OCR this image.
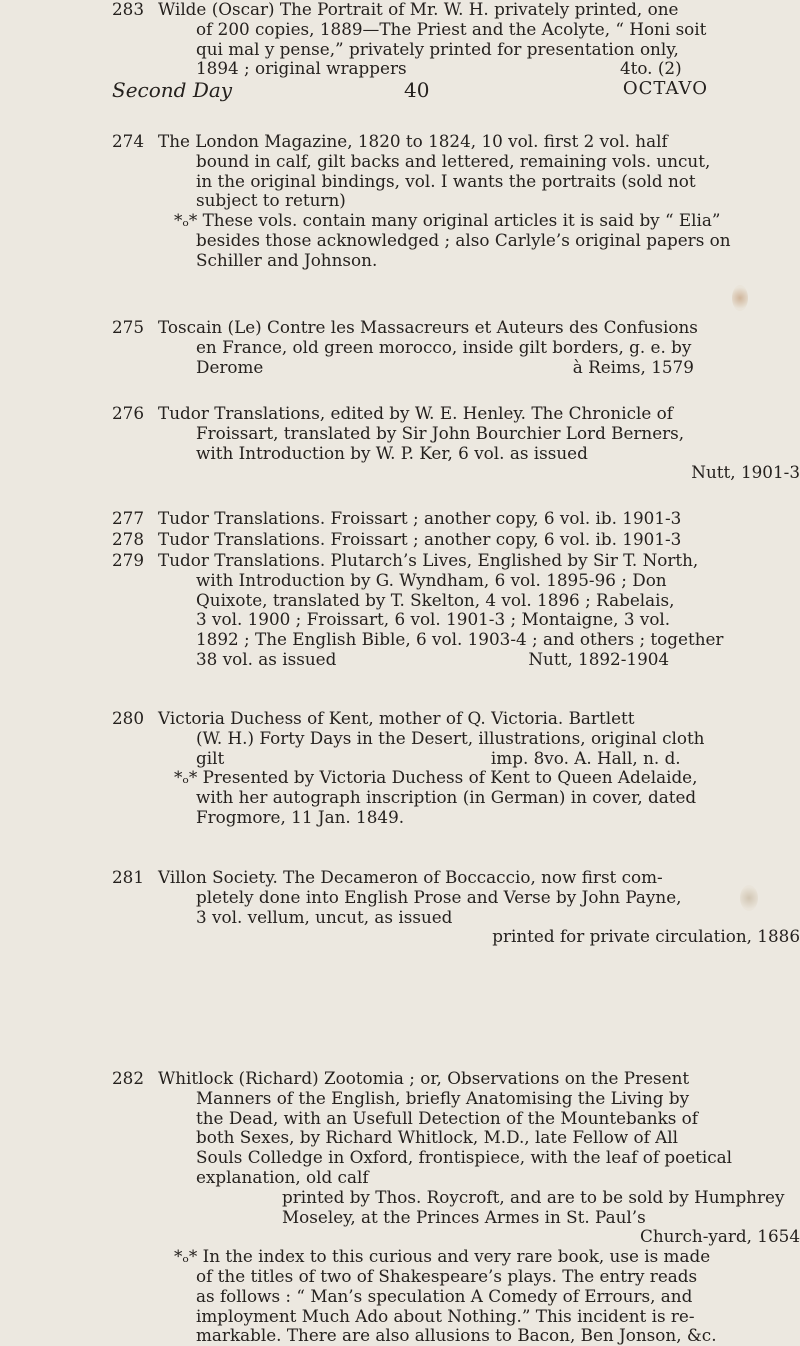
Second Day	40	OCTAVO
274 The London Magazine, 1820 to 1824, 10 vol. first 2 vol. half
bound in calf, gilt backs and lettered, remaining vols. uncut,
in the original bindings, vol. I wants the portraits (sold not
subject to return)
*ₒ* These vols. contain many original articles it is said by “ Elia”
besides those acknowledged ; also Carlyle’s original papers on
Schiller and Johnson.
275 Toscain (Le) Contre les Massacreurs et Auteurs des Confusions
en France, old green morocco, inside gilt borders, g. e. by
Derome                                                          à Reims, 1579
276 Tudor Translations, edited by W. E. Henley. The Chronicle of
Froissart, translated by Sir John Bourchier Lord Berners,
with Introduction by W. P. Ker, 6 vol. as issued
Nutt, 1901-3
277 Tudor Translations. Froissart ; another copy, 6 vol. ib. 1901-3
278 Tudor Translations. Froissart ; another copy, 6 vol. ib. 1901-3
279 Tudor Translations. Plutarch’s Lives, Englished by Sir T. North,
with Introduction by G. Wyndham, 6 vol. 1895-96 ; Don
Quixote, translated by T. Skelton, 4 vol. 1896 ; Rabelais,
3 vol. 1900 ; Froissart, 6 vol. 1901-3 ; Montaigne, 3 vol.
1892 ; The English Bible, 6 vol. 1903-4 ; and others ; together
38 vol. as issued                                    Nutt, 1892-1904
280 Victoria Duchess of Kent, mother of Q. Victoria. Bartlett
(W. H.) Forty Days in the Desert, illustrations, original cloth
gilt                                                  imp. 8vo. A. Hall, n. d.
*ₒ* Presented by Victoria Duchess of Kent to Queen Adelaide,
with her autograph inscription (in German) in cover, dated
Frogmore, 11 Jan. 1849.
281 Villon Society. The Decameron of Boccaccio, now first com-
pletely done into English Prose and Verse by John Payne,
3 vol. vellum, uncut, as issued
printed for private circulation, 1886
282 Whitlock (Richard) Zootomia ; or, Observations on the Present
Manners of the English, briefly Anatomising the Living by
the Dead, with an Usefull Detection of the Mountebanks of
both Sexes, by Richard Whitlock, M.D., late Fellow of All
Souls Colledge in Oxford, frontispiece, with the leaf of poetical
explanation, old calf
printed by Thos. Roycroft, and are to be sold by Humphrey
Moseley, at the Princes Armes in St. Paul’s
Church-yard, 1654
*ₒ* In the index to this curious and very rare book, use is made
of the titles of two of Shakespeare’s plays. The entry reads
as follows : “ Man’s speculation A Comedy of Errours, and
imployment Much Ado about Nothing.” This incident is re-
markable. There are also allusions to Bacon, Ben Jonson, &c.
283 Wilde (Oscar) The Portrait of Mr. W. H. privately printed, one
of 200 copies, 1889—The Priest and the Acolyte, “ Honi soit
qui mal y pense,” privately printed for presentation only,
1894 ; original wrappers                                        4to. (2)
